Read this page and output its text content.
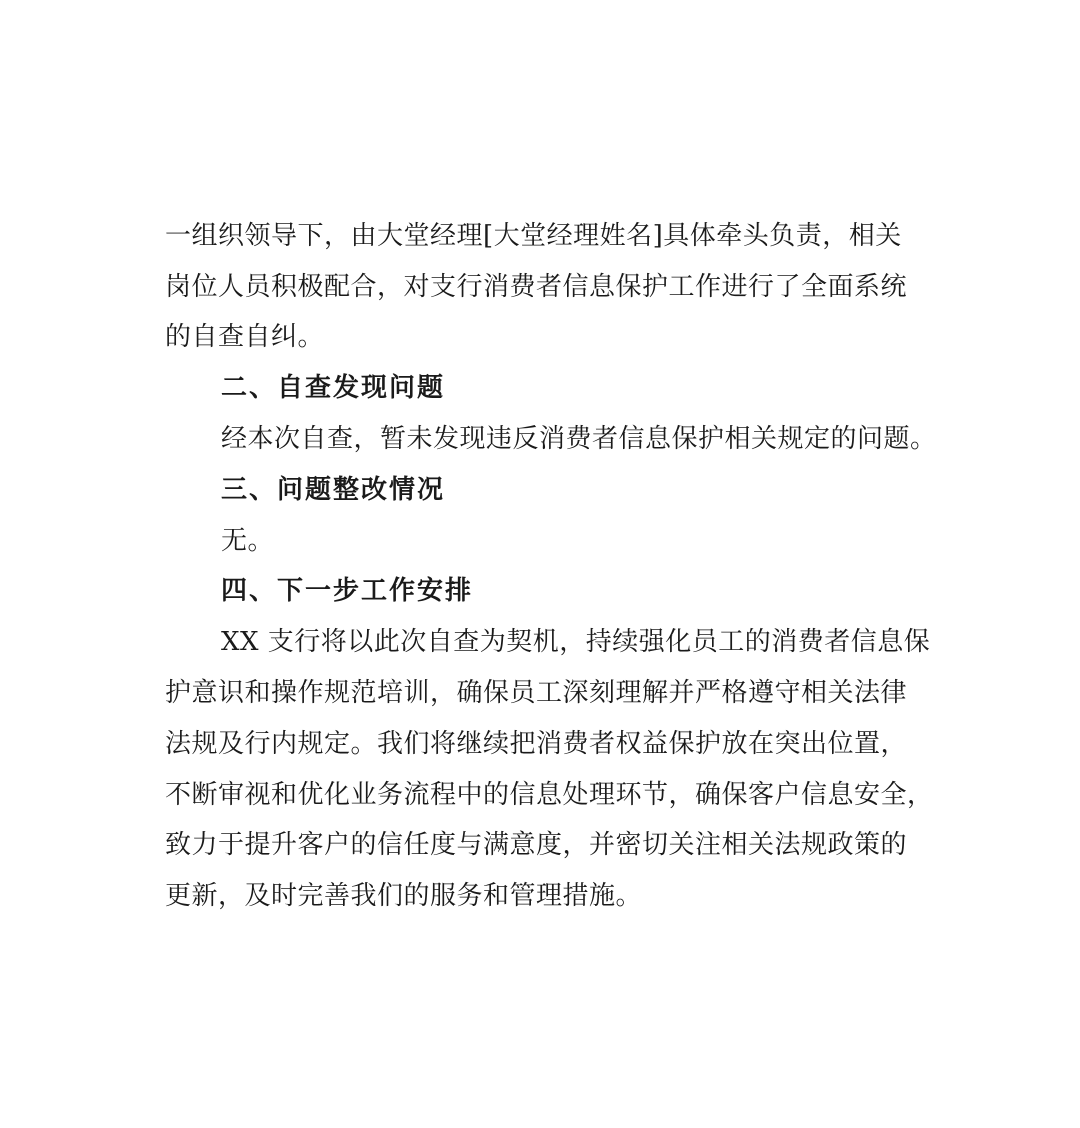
一组织领导下，由大堂经理[大堂经理姓名]具体牵头负责，相关
岗位人员积极配合，对支行消费者信息保护工作进行了全面系统
的自查自纠。
二、自查发现问题
经本次自查，暂未发现违反消费者信息保护相关规定的问题。
三、问题整改情况
无。
四、下一步工作安排
XX 支行将以此次自查为契机，持续强化员工的消费者信息保
护意识和操作规范培训，确保员工深刻理解并严格遵守相关法律
法规及行内规定。我们将继续把消费者权益保护放在突出位置，
不断审视和优化业务流程中的信息处理环节，确保客户信息安全，
致力于提升客户的信任度与满意度，并密切关注相关法规政策的
更新，及时完善我们的服务和管理措施。
